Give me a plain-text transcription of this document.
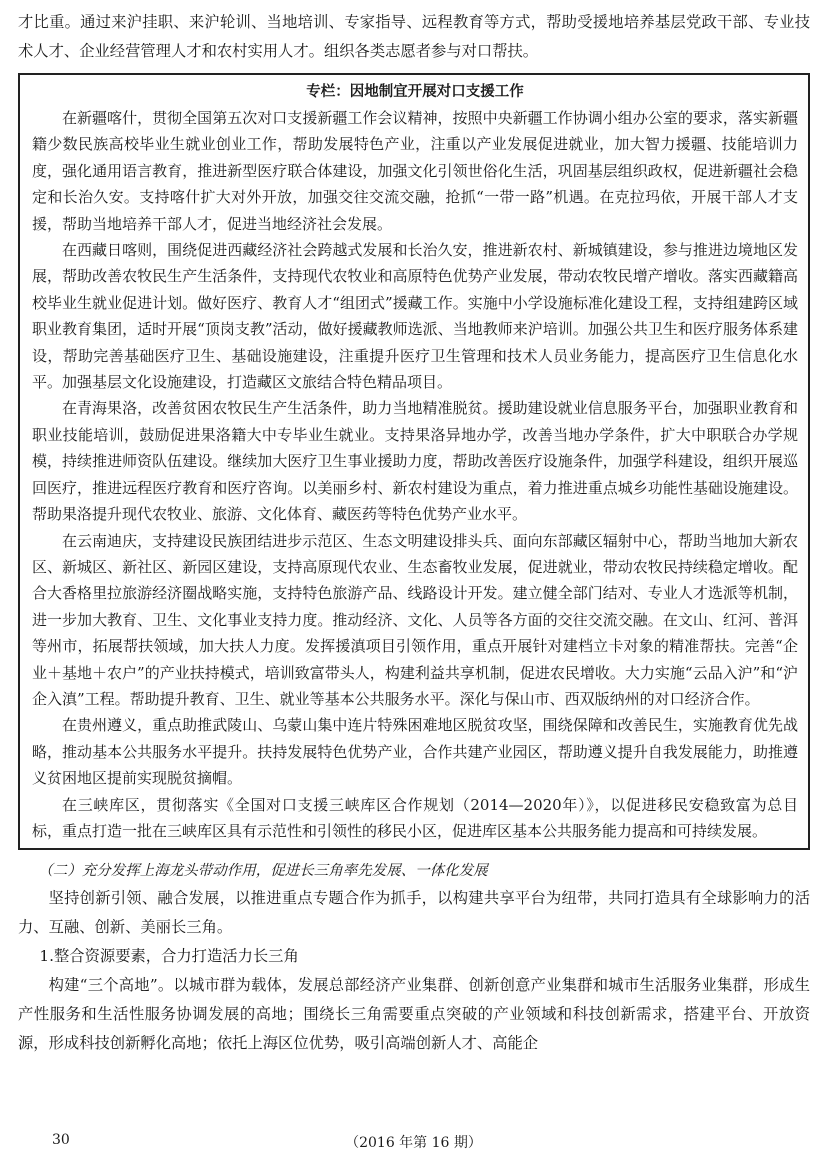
才比重。通过来沪挂职、来沪轮训、当地培训、专家指导、远程教育等方式，帮助受援地培养基层党政干部、专业技术人才、企业经营管理人才和农村实用人才。组织各类志愿者参与对口帮扶。

专栏：因地制宜开展对口支援工作

在新疆喀什，贯彻全国第五次对口支援新疆工作会议精神，按照中央新疆工作协调小组办公室的要求，落实新疆籍少数民族高校毕业生就业创业工作，帮助发展特色产业，注重以产业发展促进就业，加大智力援疆、技能培训力度，强化通用语言教育，推进新型医疗联合体建设，加强文化引领世俗化生活，巩固基层组织政权，促进新疆社会稳定和长治久安。支持喀什扩大对外开放，加强交往交流交融，抢抓“一带一路”机遇。在克拉玛依，开展干部人才支援，帮助当地培养干部人才，促进当地经济社会发展。

在西藏日喀则，围绕促进西藏经济社会跨越式发展和长治久安，推进新农村、新城镇建设，参与推进边境地区发展，帮助改善农牧民生产生活条件，支持现代农牧业和高原特色优势产业发展，带动农牧民增产增收。落实西藏籍高校毕业生就业促进计划。做好医疗、教育人才“组团式”援藏工作。实施中小学设施标准化建设工程，支持组建跨区域职业教育集团，适时开展“顶岗支教”活动，做好援藏教师选派、当地教师来沪培训。加强公共卫生和医疗服务体系建设，帮助完善基础医疗卫生、基础设施建设，注重提升医疗卫生管理和技术人员业务能力，提高医疗卫生信息化水平。加强基层文化设施建设，打造藏区文旅结合特色精品项目。

在青海果洛，改善贫困农牧民生产生活条件，助力当地精准脱贫。援助建设就业信息服务平台，加强职业教育和职业技能培训，鼓励促进果洛籍大中专毕业生就业。支持果洛异地办学，改善当地办学条件，扩大中职联合办学规模，持续推进师资队伍建设。继续加大医疗卫生事业援助力度，帮助改善医疗设施条件，加强学科建设，组织开展巡回医疗，推进远程医疗教育和医疗咨询。以美丽乡村、新农村建设为重点，着力推进重点城乡功能性基础设施建设。帮助果洛提升现代农牧业、旅游、文化体育、藏医药等特色优势产业水平。

在云南迪庆，支持建设民族团结进步示范区、生态文明建设排头兵、面向东部藏区辐射中心，帮助当地加大新农区、新城区、新社区、新园区建设，支持高原现代农业、生态畜牧业发展，促进就业，带动农牧民持续稳定增收。配合大香格里拉旅游经济圈战略实施，支持特色旅游产品、线路设计开发。建立健全部门结对、专业人才选派等机制，进一步加大教育、卫生、文化事业支持力度。推动经济、文化、人员等各方面的交往交流交融。在文山、红河、普洱等州市，拓展帮扶领域，加大扶人力度。发挥援滇项目引领作用，重点开展针对建档立卡对象的精准帮扶。完善“企业＋基地＋农户”的产业扶持模式，培训致富带头人，构建利益共享机制，促进农民增收。大力实施“云品入沪”和“沪企入滇”工程。帮助提升教育、卫生、就业等基本公共服务水平。深化与保山市、西双版纳州的对口经济合作。

在贵州遵义，重点助推武陵山、乌蒙山集中连片特殊困难地区脱贫攻坚，围绕保障和改善民生，实施教育优先战略，推动基本公共服务水平提升。扶持发展特色优势产业，合作共建产业园区，帮助遵义提升自我发展能力，助推遵义贫困地区提前实现脱贫摘帽。

在三峡库区，贯彻落实《全国对口支援三峡库区合作规划（2014—2020年）》，以促进移民安稳致富为总目标，重点打造一批在三峡库区具有示范性和引领性的移民小区，促进库区基本公共服务能力提高和可持续发展。

（二）充分发挥上海龙头带动作用，促进长三角率先发展、一体化发展

坚持创新引领、融合发展，以推进重点专题合作为抓手，以构建共享平台为纽带，共同打造具有全球影响力的活力、互融、创新、美丽长三角。

1.整合资源要素，合力打造活力长三角

构建“三个高地”。以城市群为载体，发展总部经济产业集群、创新创意产业集群和城市生活服务业集群，形成生产性服务和生活性服务协调发展的高地；围绕长三角需要重点突破的产业领域和科技创新需求，搭建平台、开放资源，形成科技创新孵化高地；依托上海区位优势，吸引高端创新人才、高能企

30	（2016 年第 16 期）
